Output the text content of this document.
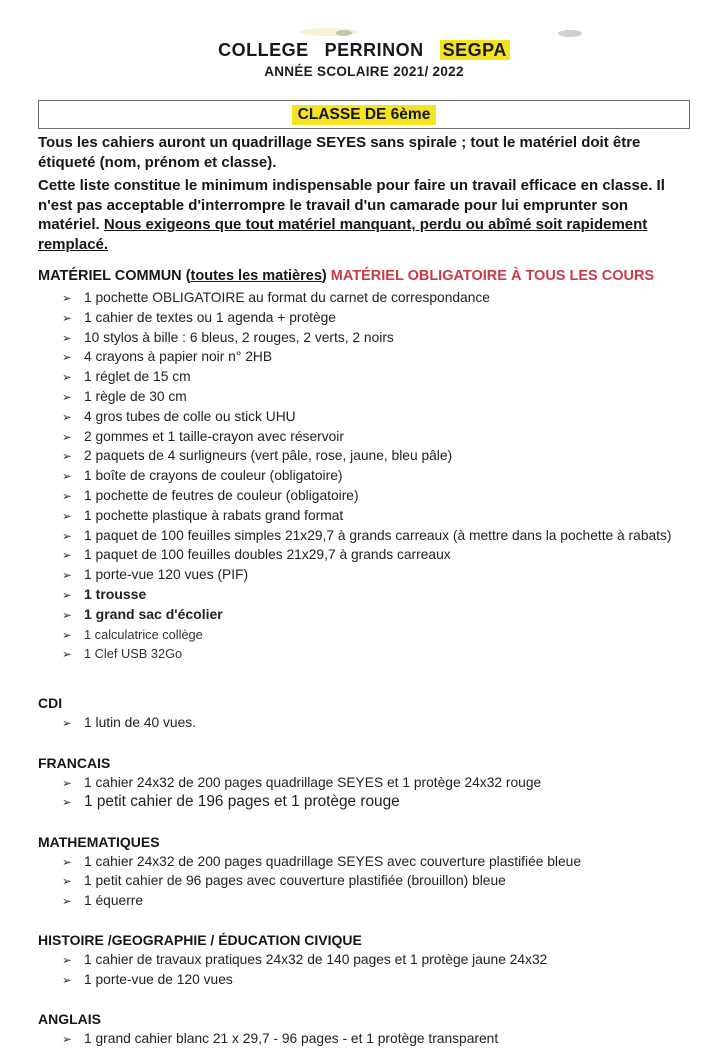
COLLEGE PERRINON SEGPA
ANNÉE SCOLAIRE 2021/ 2022
CLASSE DE 6ème

Tous les cahiers auront un quadrillage SEYES sans spirale ; tout le matériel doit être étiqueté (nom, prénom et classe).

Cette liste constitue le minimum indispensable pour faire un travail efficace en classe. Il n'est pas acceptable d'interrompre le travail d'un camarade pour lui emprunter son matériel. Nous exigeons que tout matériel manquant, perdu ou abîmé soit rapidement remplacé.

MATÉRIEL COMMUN (toutes les matières) MATÉRIEL OBLIGATOIRE À TOUS LES COURS
➢ 1 pochette OBLIGATOIRE au format du carnet de correspondance
➢ 1 cahier de textes ou 1 agenda + protège
➢ 10 stylos à bille : 6 bleus, 2 rouges, 2 verts, 2 noirs
➢ 4 crayons à papier noir n° 2HB
➢ 1 réglet de 15 cm
➢ 1 règle de 30 cm
➢ 4 gros tubes de colle ou stick UHU
➢ 2 gommes et 1 taille-crayon avec réservoir
➢ 2 paquets de 4 surligneurs (vert pâle, rose, jaune, bleu pâle)
➢ 1 boîte de crayons de couleur (obligatoire)
➢ 1 pochette de feutres de couleur (obligatoire)
➢ 1 pochette plastique à rabats grand format
➢ 1 paquet de 100 feuilles simples 21x29,7 à grands carreaux (à mettre dans la pochette à rabats)
➢ 1 paquet de 100 feuilles doubles 21x29,7 à grands carreaux
➢ 1 porte-vue 120 vues (PIF)
➢ 1 trousse
➢ 1 grand sac d'écolier
➢ 1 calculatrice collège
➢ 1 Clef USB 32Go
CDI
➢ 1 lutin de 40 vues.
FRANCAIS
➢ 1 cahier 24x32 de 200 pages quadrillage SEYES et 1 protège 24x32 rouge
➢ 1 petit cahier de 196 pages et 1 protège rouge
MATHEMATIQUES
➢ 1 cahier 24x32 de 200 pages quadrillage SEYES avec couverture plastifiée bleue
➢ 1 petit cahier de 96 pages avec couverture plastifiée (brouillon) bleue
➢ 1 équerre
HISTOIRE /GEOGRAPHIE / ÉDUCATION CIVIQUE
➢ 1 cahier de travaux pratiques 24x32 de 140 pages et 1 protège jaune 24x32
➢ 1 porte-vue de 120 vues
ANGLAIS
➢ 1 grand cahier blanc 21 x 29,7 - 96 pages - et 1 protège transparent
